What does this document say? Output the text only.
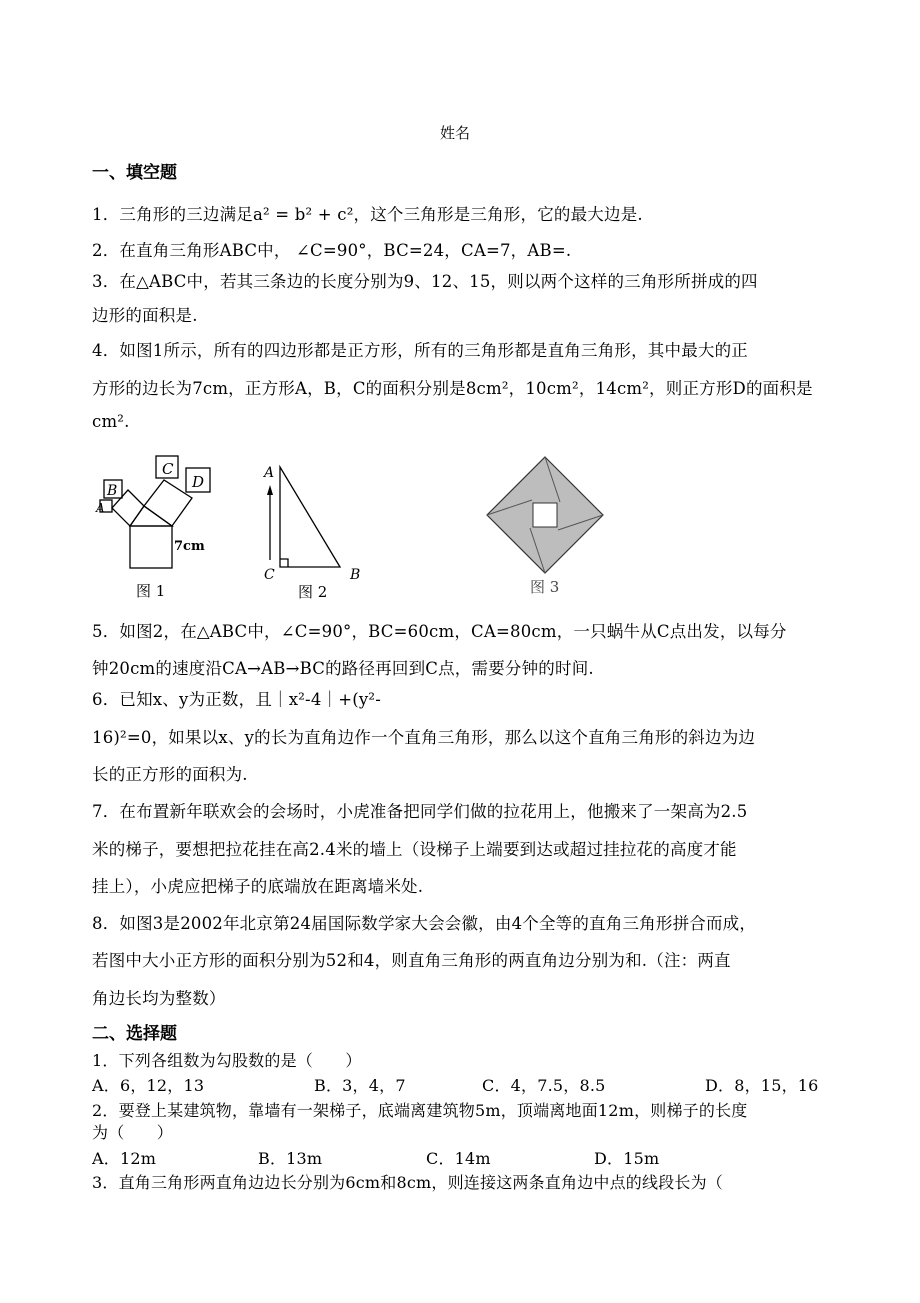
姓名
一、填空题
1．三角形的三边满足a² = b² + c²，这个三角形是三角形，它的最大边是.
2．在直角三角形ABC中， ∠C=90°，BC=24，CA=7，AB=.
3．在△ABC中，若其三条边的长度分别为9、12、15，则以两个这样的三角形所拼成的四
边形的面积是.
4．如图1所示，所有的四边形都是正方形，所有的三角形都是直角三角形，其中最大的正
方形的边长为7cm，正方形A，B，C的面积分别是8cm²，10cm²，14cm²，则正方形D的面积是
cm².
A
B
C
D
7cm
图 1
A
C	B
图 2	图 3
5．如图2，在△ABC中，∠C=90°，BC=60cm，CA=80cm，一只蜗牛从C点出发，以每分
钟20cm的速度沿CA→AB→BC的路径再回到C点，需要分钟的时间.
6．已知x、y为正数，且｜x²-4｜+(y²-
16)²=0，如果以x、y的长为直角边作一个直角三角形，那么以这个直角三角形的斜边为边
长的正方形的面积为.
7．在布置新年联欢会的会场时，小虎准备把同学们做的拉花用上，他搬来了一架高为2.5
米的梯子，要想把拉花挂在高2.4米的墙上（设梯子上端要到达或超过挂拉花的高度才能
挂上），小虎应把梯子的底端放在距离墙米处.
8．如图3是2002年北京第24届国际数学家大会会徽，由4个全等的直角三角形拼合而成，
若图中大小正方形的面积分别为52和4，则直角三角形的两直角边分别为和.（注：两直
角边长均为整数）
二、选择题
1．下列各组数为勾股数的是（　　）
A．6，12，13	B．3，4，7	C．4，7.5，8.5	D．8，15，16
2．要登上某建筑物，靠墙有一架梯子，底端离建筑物5m，顶端离地面12m，则梯子的长度
为（　　）
A．12m	B．13m	C．14m	D．15m
3．直角三角形两直角边边长分别为6cm和8cm，则连接这两条直角边中点的线段长为（
